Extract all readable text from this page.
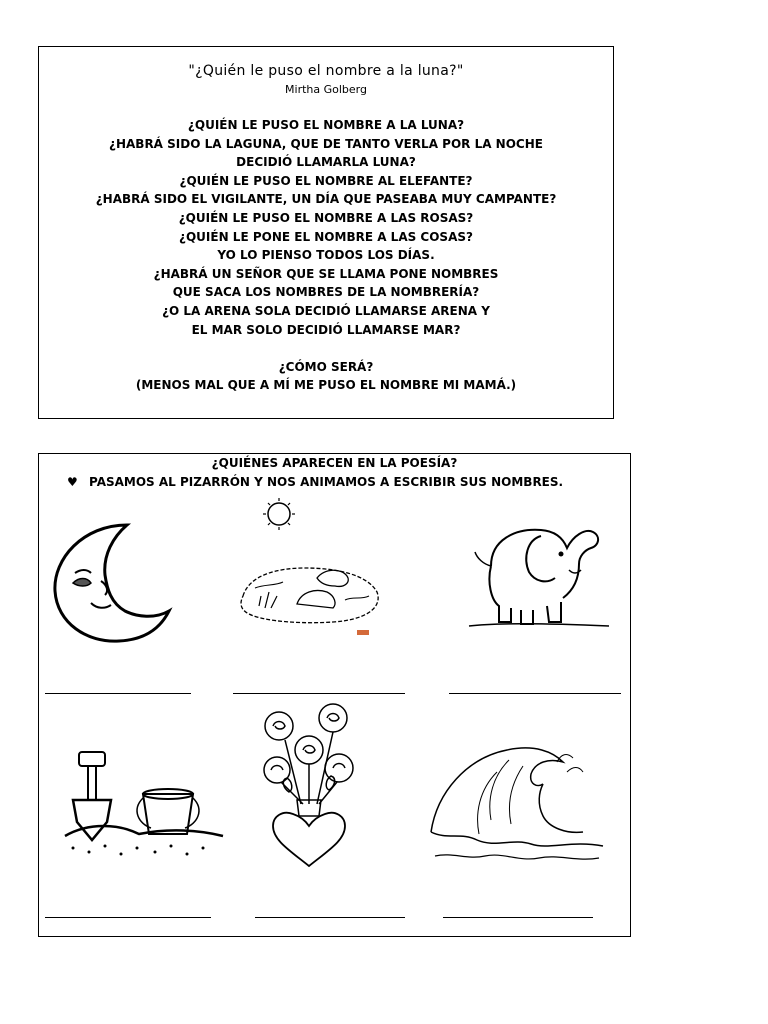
"¿Quién le puso el nombre a la luna?"
Mirtha Golberg
¿QUIÉN LE PUSO EL NOMBRE A LA LUNA?
¿HABRÁ SIDO LA LAGUNA, QUE DE TANTO VERLA POR LA NOCHE
DECIDIÓ LLAMARLA LUNA?
¿QUIÉN LE PUSO EL NOMBRE AL ELEFANTE?
¿HABRÁ SIDO EL VIGILANTE, UN DÍA QUE PASEABA MUY CAMPANTE?
¿QUIÉN LE PUSO EL NOMBRE A LAS ROSAS?
¿QUIÉN LE PONE EL NOMBRE A LAS COSAS?
YO LO PIENSO TODOS LOS DÍAS.
¿HABRÁ UN SEÑOR QUE SE LLAMA PONE NOMBRES
QUE SACA LOS NOMBRES DE LA NOMBRERÍA?
¿O LA ARENA SOLA DECIDIÓ LLAMARSE ARENA Y
EL MAR SOLO DECIDIÓ LLAMARSE MAR?
¿CÓMO SERÁ?
(MENOS MAL QUE A MÍ ME PUSO EL NOMBRE MI MAMÁ.)
¿QUIÉNES APARECEN EN LA POESÍA?
♥ PASAMOS AL PIZARRÓN Y NOS ANIMAMOS A ESCRIBIR SUS NOMBRES.
